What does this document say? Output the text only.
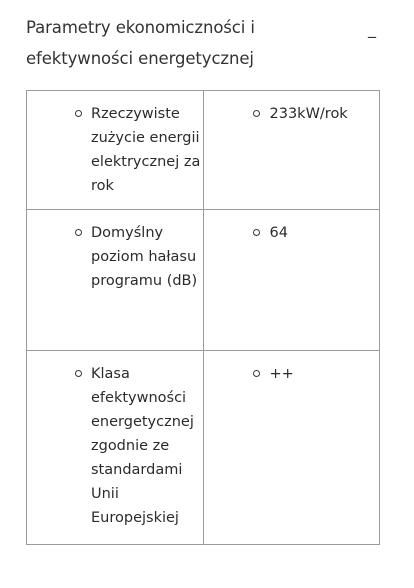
Parametry ekonomiczności i efektywności energetycznej
_
Rzeczywiste zużycie energii elektrycznej za rok	233kW/rok

Domyślny poziom hałasu programu (dB)	64

Klasa efektywności energetycznej zgodnie ze standardami Unii Europejskiej	++
